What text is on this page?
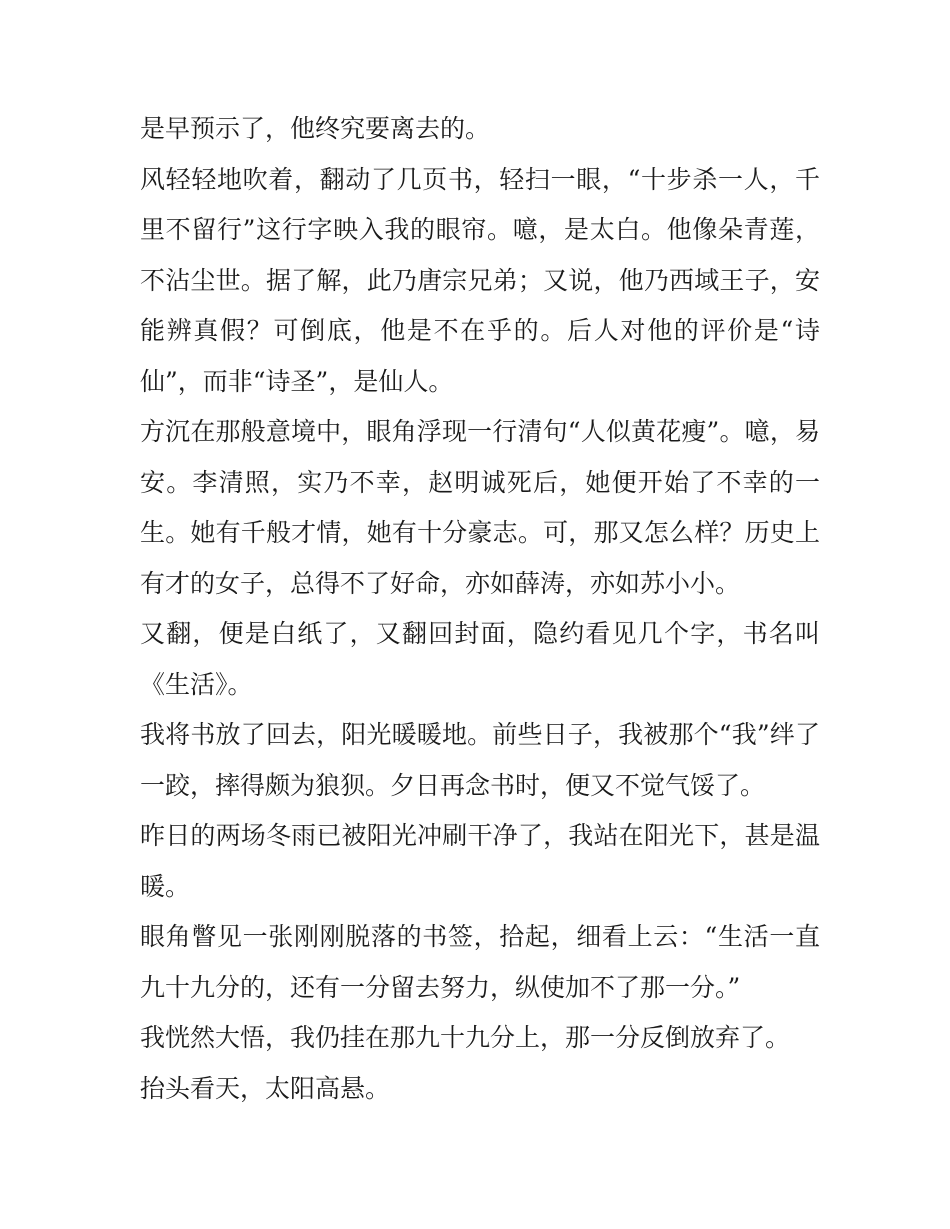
是早预示了，他终究要离去的。

风轻轻地吹着，翻动了几页书，轻扫一眼，“十步杀一人，千里不留行”这行字映入我的眼帘。噫，是太白。他像朵青莲，不沾尘世。据了解，此乃唐宗兄弟；又说，他乃西域王子，安能辨真假？可倒底，他是不在乎的。后人对他的评价是“诗仙”，而非“诗圣”，是仙人。

方沉在那般意境中，眼角浮现一行清句“人似黄花瘦”。噫，易安。李清照，实乃不幸，赵明诚死后，她便开始了不幸的一生。她有千般才情，她有十分豪志。可，那又怎么样？历史上有才的女子，总得不了好命，亦如薛涛，亦如苏小小。

又翻，便是白纸了，又翻回封面，隐约看见几个字，书名叫《生活》。

我将书放了回去，阳光暖暖地。前些日子，我被那个“我”绊了一跤，摔得颇为狼狈。夕日再念书时，便又不觉气馁了。

昨日的两场冬雨已被阳光冲刷干净了，我站在阳光下，甚是温暖。

眼角瞥见一张刚刚脱落的书签，拾起，细看上云：“生活一直九十九分的，还有一分留去努力，纵使加不了那一分。”

我恍然大悟，我仍挂在那九十九分上，那一分反倒放弃了。

抬头看天，太阳高悬。
